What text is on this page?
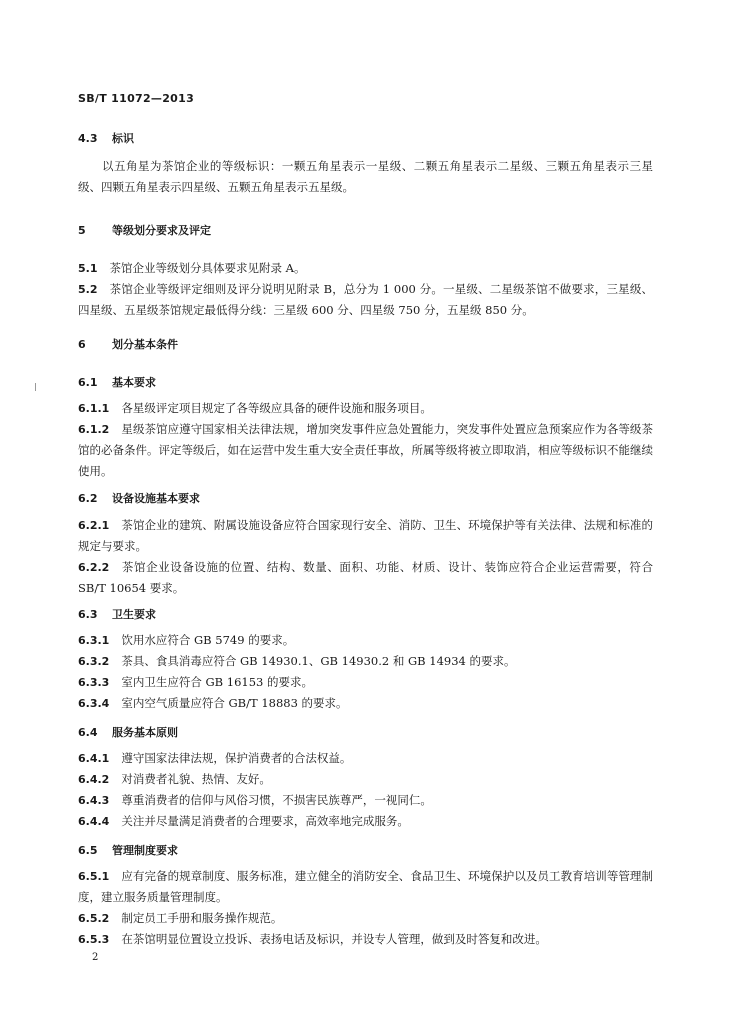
SB/T 11072—2013
4.3 标识

以五角星为茶馆企业的等级标识：一颗五角星表示一星级、二颗五角星表示二星级、三颗五角星表示三星级、四颗五角星表示四星级、五颗五角星表示五星级。

5 等级划分要求及评定

5.1 茶馆企业等级划分具体要求见附录 A。

5.2 茶馆企业等级评定细则及评分说明见附录 B，总分为 1 000 分。一星级、二星级茶馆不做要求，三星级、四星级、五星级茶馆规定最低得分线：三星级 600 分、四星级 750 分，五星级 850 分。

6 划分基本条件
6.1 基本要求

6.1.1 各星级评定项目规定了各等级应具备的硬件设施和服务项目。

6.1.2 星级茶馆应遵守国家相关法律法规，增加突发事件应急处置能力，突发事件处置应急预案应作为各等级茶馆的必备条件。评定等级后，如在运营中发生重大安全责任事故，所属等级将被立即取消，相应等级标识不能继续使用。

6.2 设备设施基本要求

6.2.1 茶馆企业的建筑、附属设施设备应符合国家现行安全、消防、卫生、环境保护等有关法律、法规和标准的规定与要求。

6.2.2 茶馆企业设备设施的位置、结构、数量、面积、功能、材质、设计、装饰应符合企业运营需要，符合 SB/T 10654 要求。

6.3 卫生要求

6.3.1 饮用水应符合 GB 5749 的要求。

6.3.2 茶具、食具消毒应符合 GB 14930.1、GB 14930.2 和 GB 14934 的要求。

6.3.3 室内卫生应符合 GB 16153 的要求。

6.3.4 室内空气质量应符合 GB/T 18883 的要求。

6.4 服务基本原则

6.4.1 遵守国家法律法规，保护消费者的合法权益。

6.4.2 对消费者礼貌、热情、友好。

6.4.3 尊重消费者的信仰与风俗习惯，不损害民族尊严，一视同仁。

6.4.4 关注并尽量满足消费者的合理要求，高效率地完成服务。

6.5 管理制度要求

6.5.1 应有完备的规章制度、服务标准，建立健全的消防安全、食品卫生、环境保护以及员工教育培训等管理制度，建立服务质量管理制度。

6.5.2 制定员工手册和服务操作规范。

6.5.3 在茶馆明显位置设立投诉、表扬电话及标识，并设专人管理，做到及时答复和改进。

2
